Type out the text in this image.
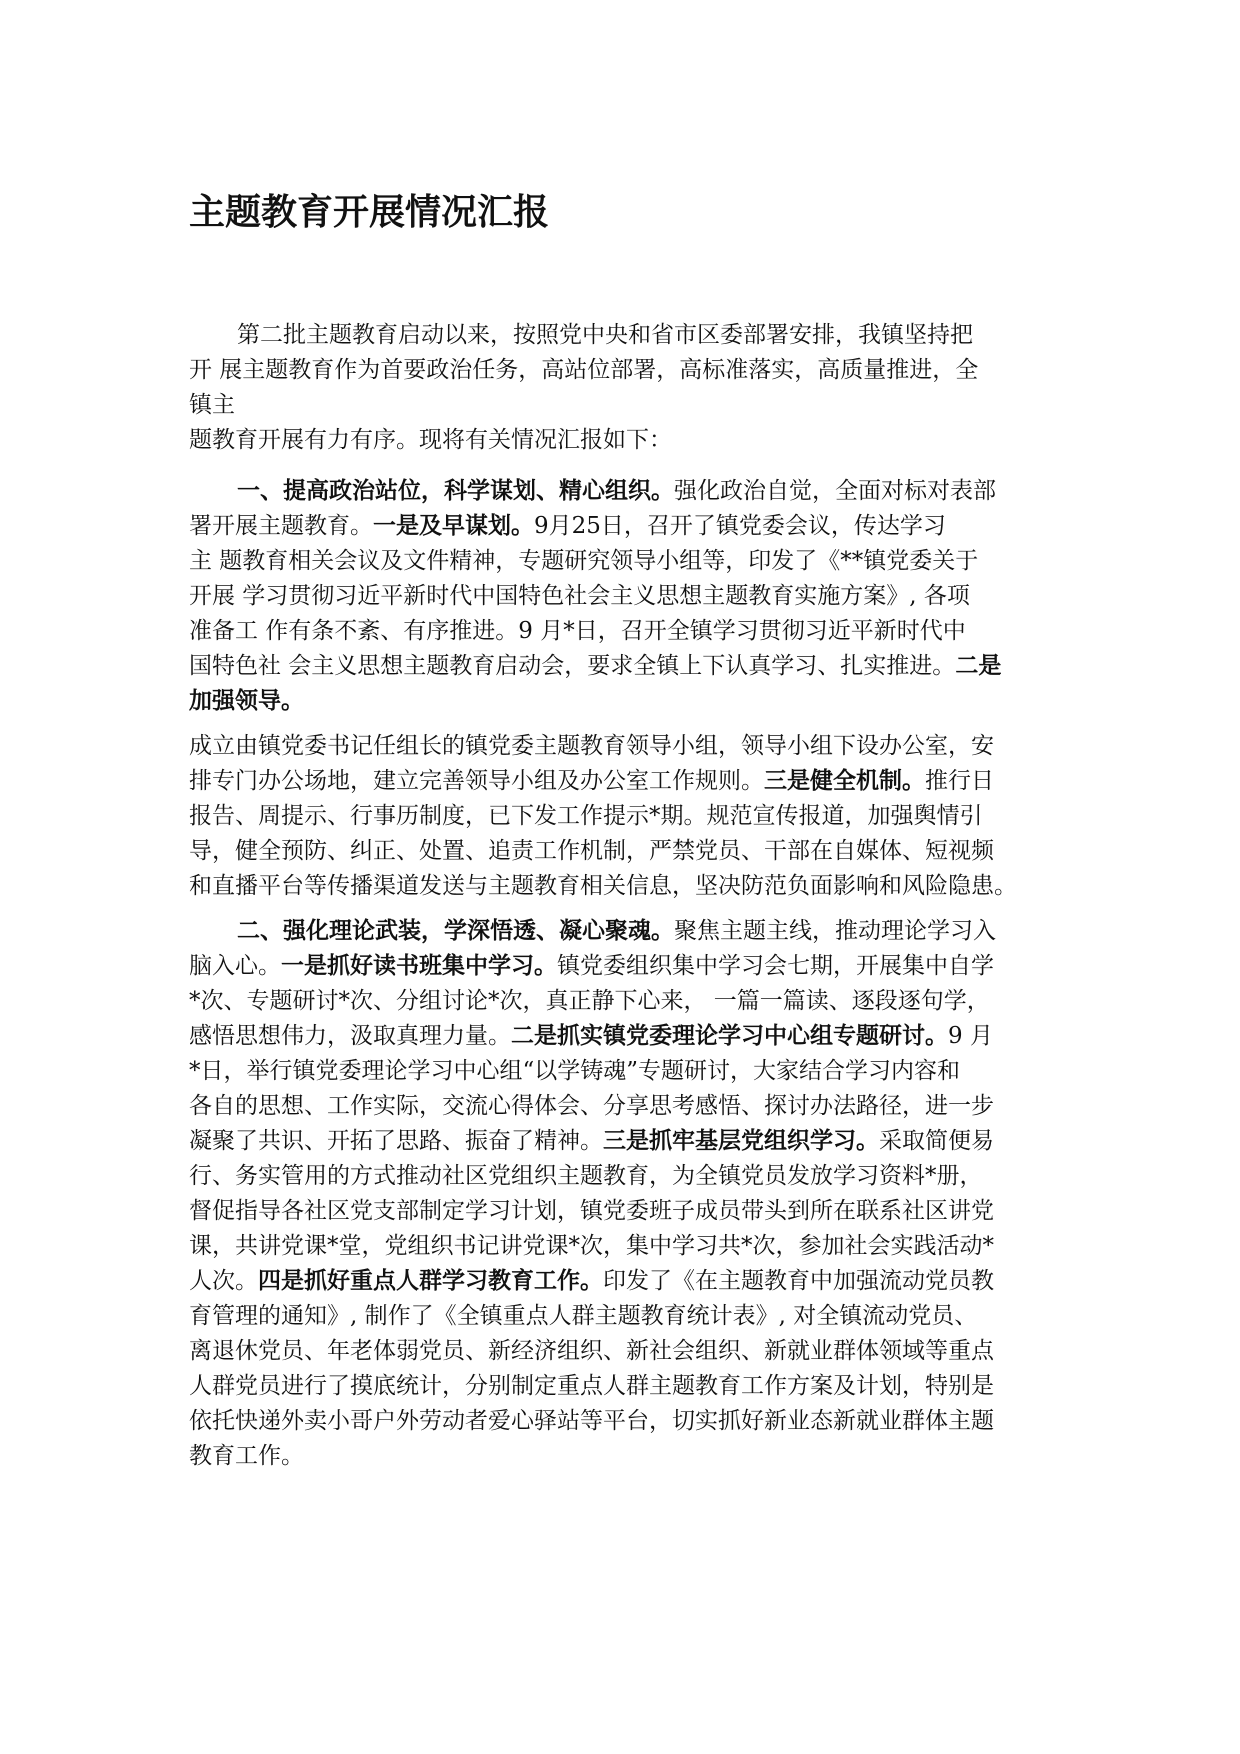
主题教育开展情况汇报
第二批主题教育启动以来，按照党中央和省市区委部署安排，我镇坚持把
开 展主题教育作为首要政治任务，高站位部署，高标准落实，高质量推进，全
镇主
题教育开展有力有序。现将有关情况汇报如下：
一、提高政治站位，科学谋划、精心组织。强化政治自觉，全面对标对表部
署开展主题教育。一是及早谋划。9月25日，召开了镇党委会议，传达学习
主 题教育相关会议及文件精神，专题研究领导小组等，印发了《**镇党委关于
开展 学习贯彻习近平新时代中国特色社会主义思想主题教育实施方案》, 各项
准备工 作有条不紊、有序推进。9 月*日，召开全镇学习贯彻习近平新时代中
国特色社 会主义思想主题教育启动会，要求全镇上下认真学习、扎实推进。二是
加强领导。
成立由镇党委书记任组长的镇党委主题教育领导小组，领导小组下设办公室，安
排专门办公场地，建立完善领导小组及办公室工作规则。三是健全机制。推行日
报告、周提示、行事历制度，已下发工作提示*期。规范宣传报道，加强舆情引
导，健全预防、纠正、处置、追责工作机制，严禁党员、干部在自媒体、短视频
和直播平台等传播渠道发送与主题教育相关信息，坚决防范负面影响和风险隐患。
二、强化理论武装，学深悟透、凝心聚魂。聚焦主题主线，推动理论学习入
脑入心。一是抓好读书班集中学习。镇党委组织集中学习会七期，开展集中自学
*次、专题研讨*次、分组讨论*次，真正静下心来， 一篇一篇读、逐段逐句学，
感悟思想伟力，汲取真理力量。二是抓实镇党委理论学习中心组专题研讨。9 月
*日，举行镇党委理论学习中心组“以学铸魂”专题研讨，大家结合学习内容和
各自的思想、工作实际，交流心得体会、分享思考感悟、探讨办法路径，进一步
凝聚了共识、开拓了思路、振奋了精神。三是抓牢基层党组织学习。采取简便易
行、务实管用的方式推动社区党组织主题教育，为全镇党员发放学习资料*册，
督促指导各社区党支部制定学习计划，镇党委班子成员带头到所在联系社区讲党
课，共讲党课*堂，党组织书记讲党课*次，集中学习共*次，参加社会实践活动*
人次。四是抓好重点人群学习教育工作。印发了《在主题教育中加强流动党员教
育管理的通知》, 制作了《全镇重点人群主题教育统计表》, 对全镇流动党员、
离退休党员、年老体弱党员、新经济组织、新社会组织、新就业群体领域等重点
人群党员进行了摸底统计，分别制定重点人群主题教育工作方案及计划，特别是
依托快递外卖小哥户外劳动者爱心驿站等平台，切实抓好新业态新就业群体主题
教育工作。
